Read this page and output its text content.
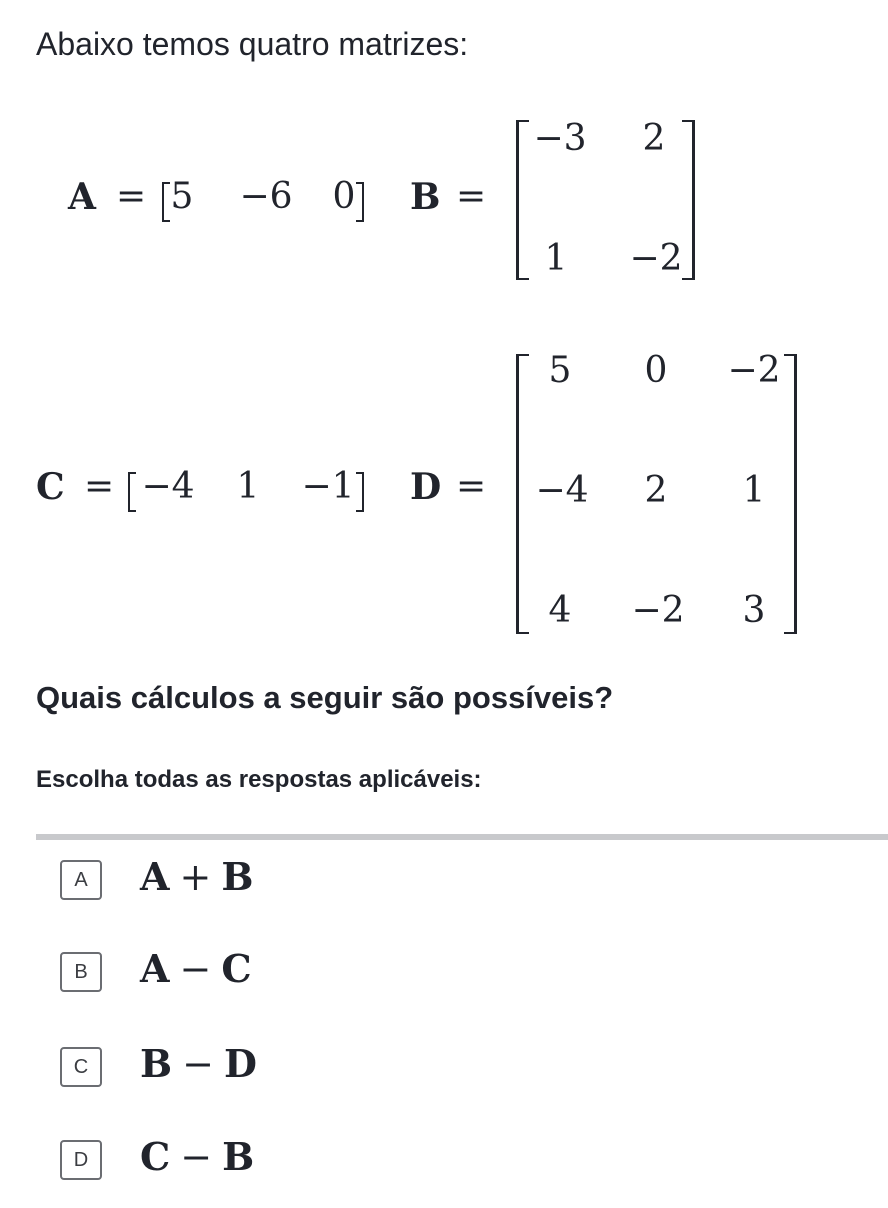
Abaixo temos quatro matrizes:
A = 5	−6	0	B =
−3	2
1	−2
C = −4	1	−1 D =
5	0	−2
−4	2	1
4	−2	3
Quais cálculos a seguir são possíveis?
Escolha todas as respostas aplicáveis:
A	A + B
B	A − C
C	B − D
D	C − B
